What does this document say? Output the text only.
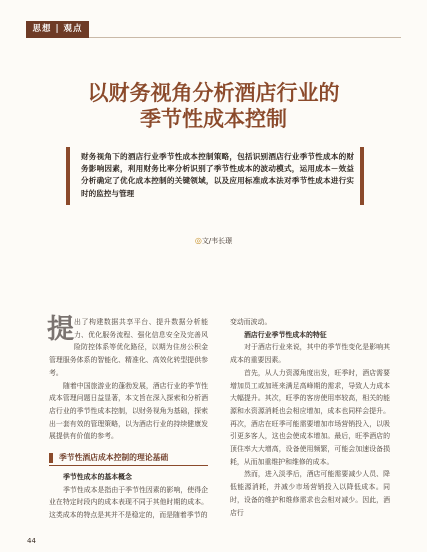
思想 | 观点
以财务视角分析酒店行业的
季节性成本控制
财务视角下的酒店行业季节性成本控制策略，包括识别酒店行业季节性成本的财务影响因素，利用财务比率分析识别了季节性成本的波动模式，运用成本－效益分析确定了优化成本控制的关键领域，以及应用标准成本法对季节性成本进行实时的监控与管理
◎文/韦长璟

提出了构建数据共享平台、提升数据分析能力、优化服务流程、强化信息安全及完善风险防控体系等优化路径，以期为住房公积金管理服务体系的智能化、精准化、高效化转型提供参考。

随着中国旅游业的蓬勃发展，酒店行业的季节性成本管理问题日益显著，本文旨在深入探索和分析酒店行业的季节性成本控制，以财务视角为基础，探索出一套有效的管理策略，以为酒店行业的持续健康发展提供有价值的参考。

季节性酒店成本控制的理论基础

季节性成本的基本概念

季节性成本是指由于季节性因素的影响，使得企业在特定时段内的成本表现不同于其他时期的成本。这类成本的特点是其并不是稳定的，而是随着季节的

变动而波动。

酒店行业季节性成本的特征

对于酒店行业来说，其中的季节性变化是影响其成本的重要因素。

首先，从人力资源角度出发，旺季时，酒店需要增加员工或加班来满足高峰期的需求，导致人力成本大幅提升。其次，旺季的客房使用率较高，相关的能源和水资源消耗也会相应增加，成本也同样会提升。再次，酒店在旺季可能需要增加市场营销投入，以吸引更多客人，这也会使成本增加。最后，旺季酒店的顶住率大大增高，设备使用频繁，可能会加速设备损耗，从而加重维护和维修的成本。

然而，进入淡季后，酒店可能需要减少人员、降低能源消耗，并减少市场营销投入以降低成本。同时，设备的维护和维修需求也会相对减少。因此，酒店行

44
